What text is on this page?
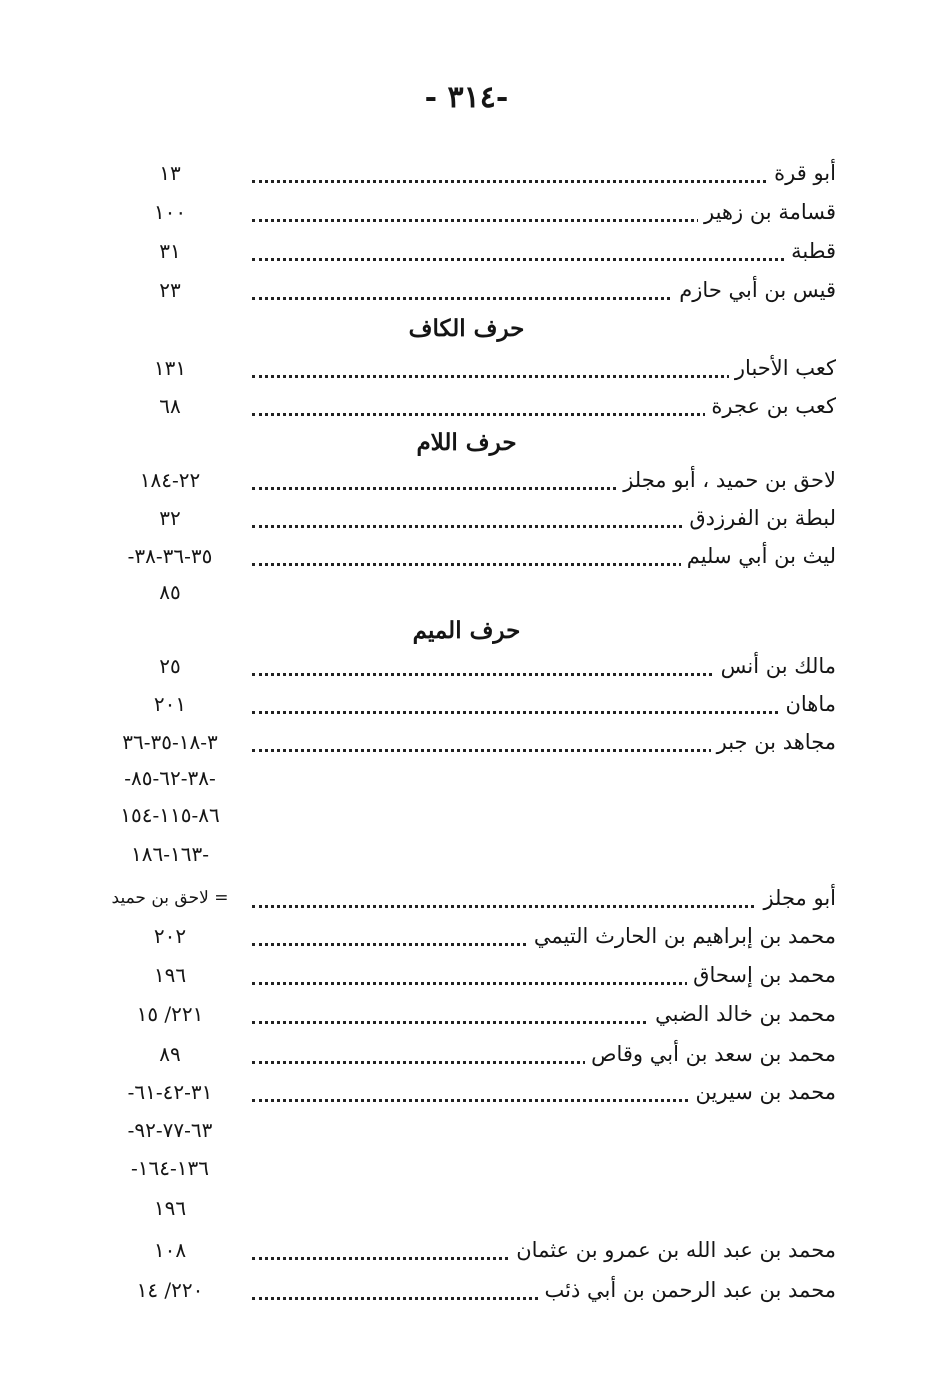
-٣١٤ -
أبو قرة
١٣
قسامة بن زهير
١٠٠
قطبة
٣١
قيس بن أبي حازم
٢٣
حرف الكاف
كعب الأحبار
١٣١
كعب بن عجرة
٦٨
حرف اللام
لاحق بن حميد ، أبو مجلز
٢٢-١٨٤
لبطة بن الفرزدق
٣٢
ليث بن أبي سليم
٣٥-٣٦-٣٨-
٨٥
حرف الميم
مالك بن أنس
٢٥
ماهان
٢٠١
مجاهد بن جبر
٣-١٨-٣٥-٣٦
-٣٨-٦٢-٨٥-
٨٦-١١٥-١٥٤
-١٦٣-١٨٦
أبو مجلز
= لاحق بن حميد
محمد بن إبراهيم بن الحارث التيمي
٢٠٢
محمد بن إسحاق
١٩٦
محمد بن خالد الضبي
٢٢١/ ١٥
محمد بن سعد بن أبي وقاص
٨٩
محمد بن سيرين
٣١-٤٢-٦١-
٦٣-٧٧-٩٢-
١٣٦-١٦٤-
١٩٦
محمد بن عبد الله بن عمرو بن عثمان
١٠٨
محمد بن عبد الرحمن بن أبي ذئب
٢٢٠/ ١٤
